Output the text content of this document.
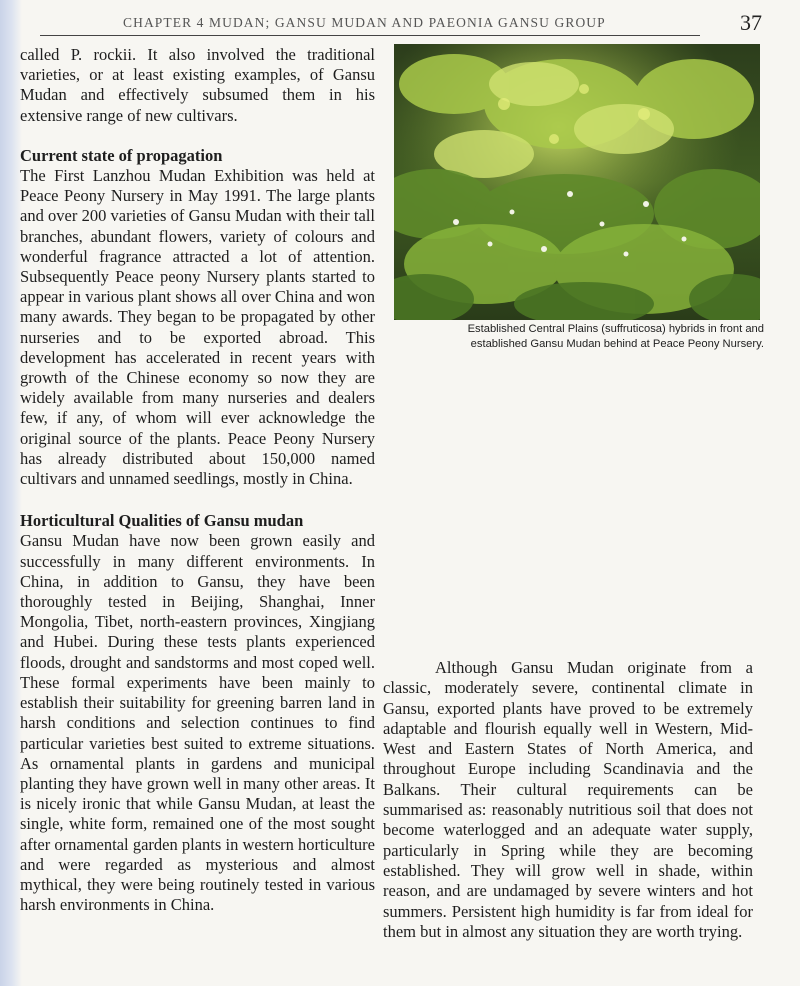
CHAPTER 4 MUDAN; GANSU MUDAN AND PAEONIA GANSU GROUP	37

called P. rockii. It also involved the traditional varieties, or at least existing examples, of Gansu Mudan and effectively subsumed them in his extensive range of new cultivars.

Current state of propagation

The First Lanzhou Mudan Exhibition was held at Peace Peony Nursery in May 1991. The large plants and over 200 varieties of Gansu Mudan with their tall branches, abundant flowers, variety of colours and wonderful fragrance attracted a lot of attention. Subsequently Peace peony Nursery plants started to appear in various plant shows all over China and won many awards. They began to be propagated by other nurseries and to be exported abroad. This development has accelerated in recent years with growth of the Chinese economy so now they are widely available from many nurseries and dealers few, if any, of whom will ever acknowledge the original source of the plants. Peace Peony Nursery has already distributed about 150,000 named cultivars and unnamed seedlings, mostly in China.

Horticultural Qualities of Gansu mudan

Gansu Mudan have now been grown easily and successfully in many different environments. In China, in addition to Gansu, they have been thoroughly tested in Beijing, Shanghai, Inner Mongolia, Tibet, north-eastern provinces, Xingjiang and Hubei. During these tests plants experienced floods, drought and sandstorms and most coped well. These formal experiments have been mainly to establish their suitability for greening barren land in harsh conditions and selection continues to find particular varieties best suited to extreme situations. As ornamental plants in gardens and municipal planting they have grown well in many other areas. It is nicely ironic that while Gansu Mudan, at least the single, white form, remained one of the most sought after ornamental garden plants in western horticulture and were regarded as mysterious and almost mythical, they were being routinely tested in various harsh environments in China.

Established Central Plains (suffruticosa) hybrids in front and
established Gansu Mudan behind at Peace Peony Nursery.

Although Gansu Mudan originate from a classic, moderately severe, continental climate in Gansu, exported plants have proved to be extremely adaptable and flourish equally well in Western, Mid-West and Eastern States of North America, and throughout Europe including Scandinavia and the Balkans. Their cultural requirements can be summarised as: reasonably nutritious soil that does not become waterlogged and an adequate water supply, particularly in Spring while they are becoming established. They will grow well in shade, within reason, and are undamaged by severe winters and hot summers. Persistent high humidity is far from ideal for them but in almost any situation they are worth trying.
